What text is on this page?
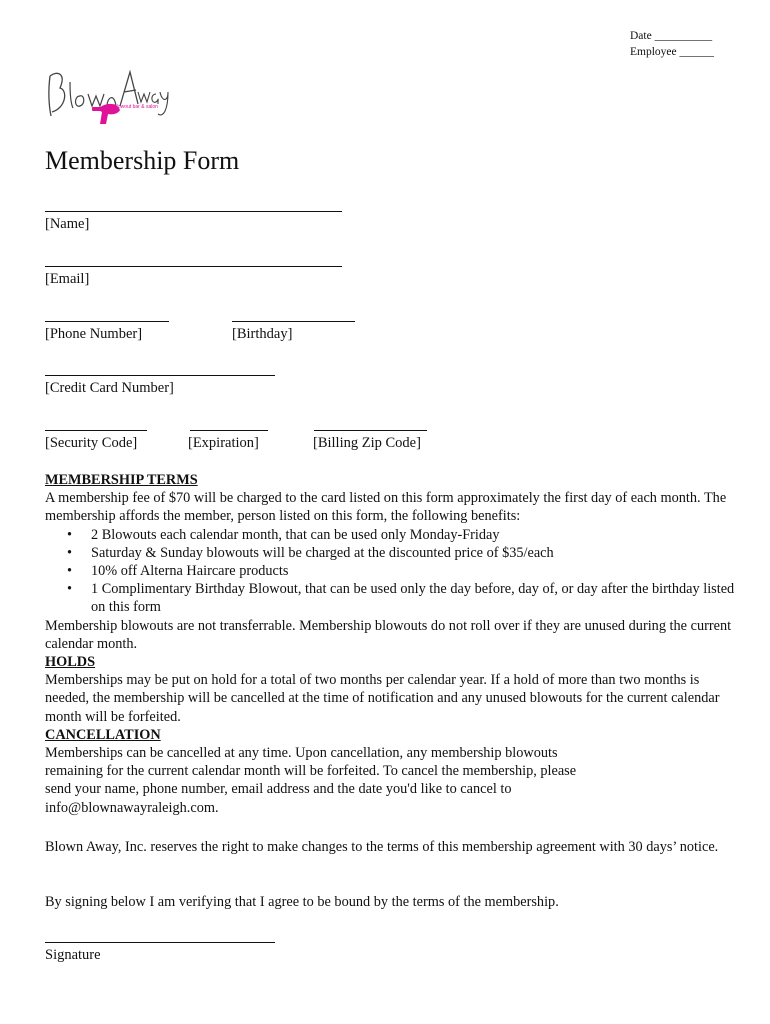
Date __________
Employee ______
blowout bar & salon
Membership Form
[Name]
[Email]
[Phone Number]	[Birthday]
[Credit Card Number]
[Security Code]	[Expiration]	[Billing Zip Code]

MEMBERSHIP TERMS

A membership fee of $70 will be charged to the card listed on this form approximately the first day of each month. The membership affords the member, person listed on this form, the following benefits:

• 2 Blowouts each calendar month, that can be used only Monday-Friday
• Saturday & Sunday blowouts will be charged at the discounted price of $35/each
• 10% off Alterna Haircare products
• 1 Complimentary Birthday Blowout, that can be used only the day before, day of, or day after the birthday listed on this form

Membership blowouts are not transferrable. Membership blowouts do not roll over if they are unused during the current calendar month.

HOLDS

Memberships may be put on hold for a total of two months per calendar year. If a hold of more than two months is needed, the membership will be cancelled at the time of notification and any unused blowouts for the current calendar month will be forfeited.

CANCELLATION

Memberships can be cancelled at any time. Upon cancellation, any membership blowouts

remaining for the current calendar month will be forfeited. To cancel the membership, please

send your name, phone number, email address and the date you'd like to cancel to

info@blownawayraleigh.com.

Blown Away, Inc. reserves the right to make changes to the terms of this membership agreement with 30 days’ notice.
By signing below I am verifying that I agree to be bound by the terms of the membership.
Signature
